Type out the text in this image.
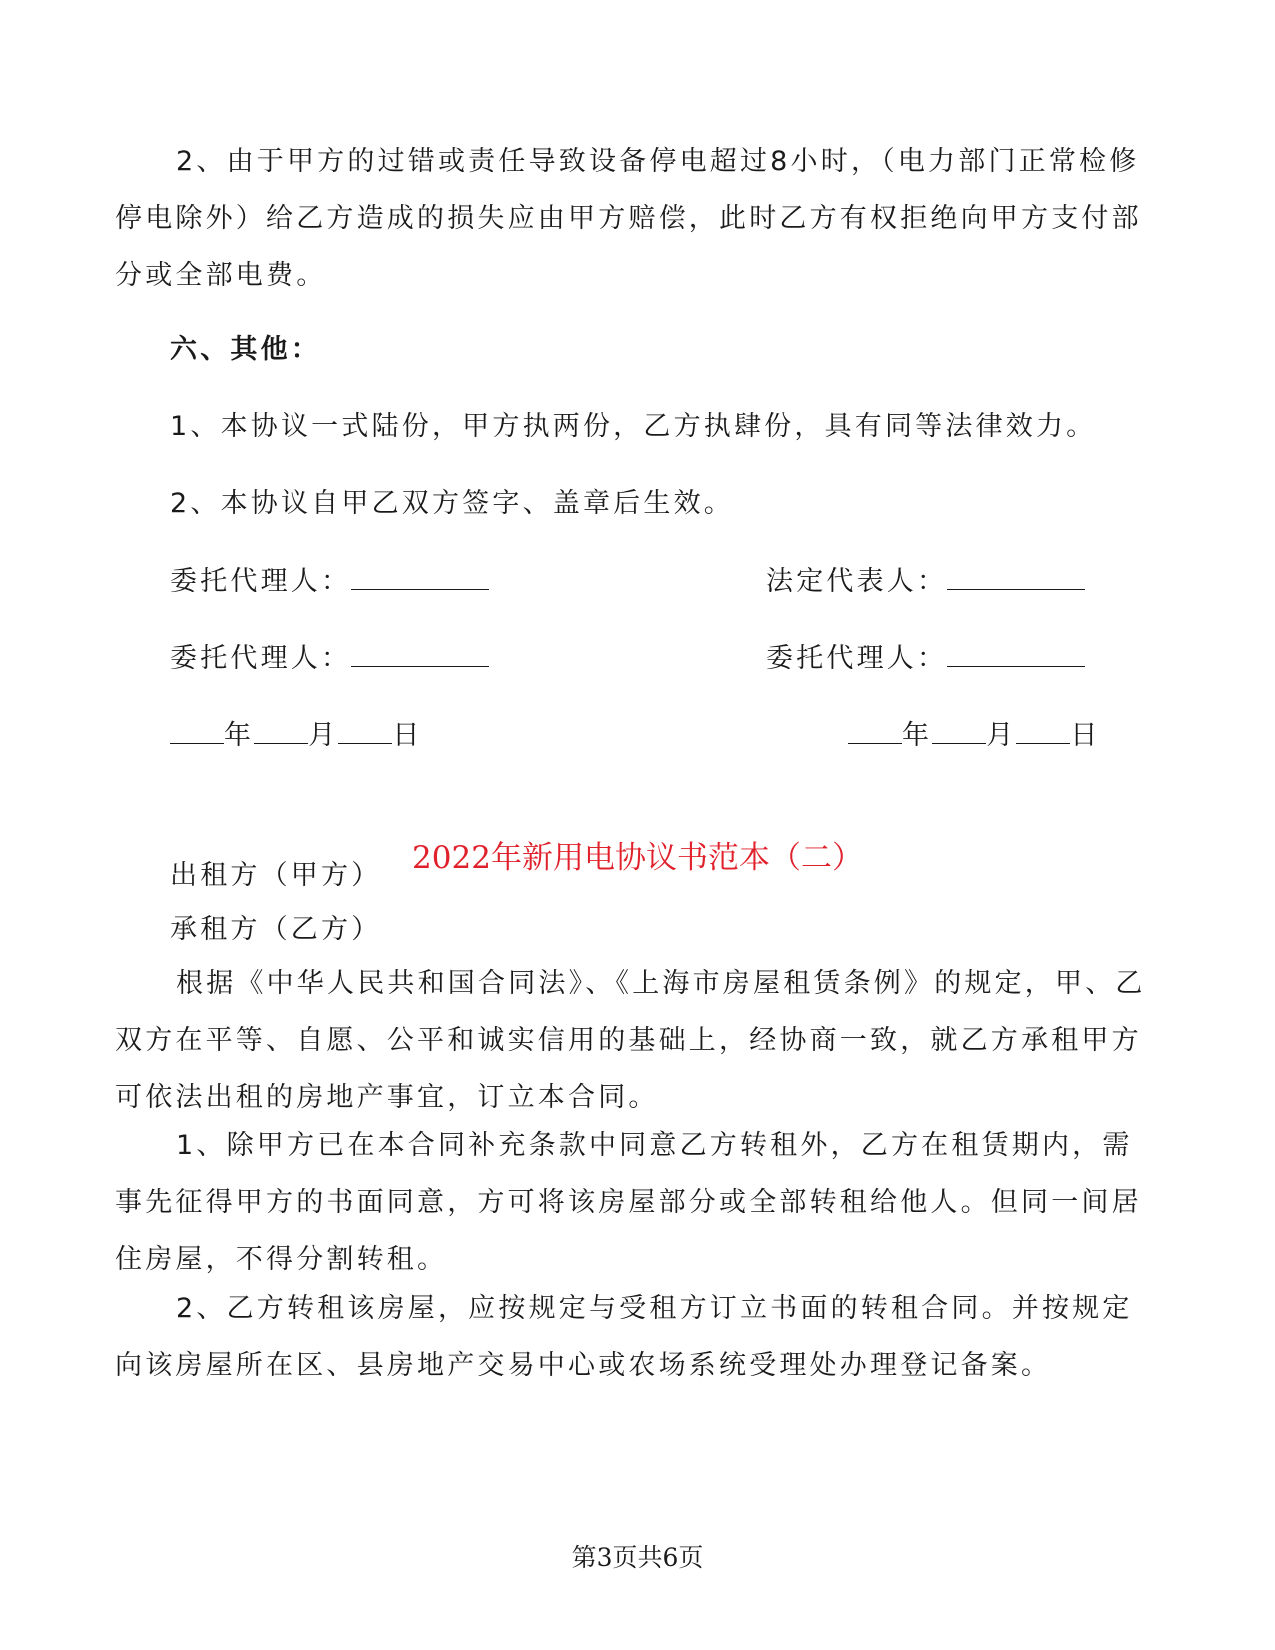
2、由于甲方的过错或责任导致设备停电超过8小时，（电力部门正常检修停电除外）给乙方造成的损失应由甲方赔偿，此时乙方有权拒绝向甲方支付部分或全部电费。

六、其他：
1、本协议一式陆份，甲方执两份，乙方执肆份，具有同等法律效力。
2、本协议自甲乙双方签字、盖章后生效。
委托代理人：	法定代表人：
委托代理人：	委托代理人：
年 月 日	年 月 日
2022年新用电协议书范本（二）
出租方（甲方）
承租方（乙方）

根据《中华人民共和国合同法》、《上海市房屋租赁条例》的规定，甲、乙双方在平等、自愿、公平和诚实信用的基础上，经协商一致，就乙方承租甲方可依法出租的房地产事宜，订立本合同。

1、除甲方已在本合同补充条款中同意乙方转租外，乙方在租赁期内，需事先征得甲方的书面同意，方可将该房屋部分或全部转租给他人。但同一间居住房屋，不得分割转租。

2、乙方转租该房屋，应按规定与受租方订立书面的转租合同。并按规定向该房屋所在区、县房地产交易中心或农场系统受理处办理登记备案。

第3页共6页
